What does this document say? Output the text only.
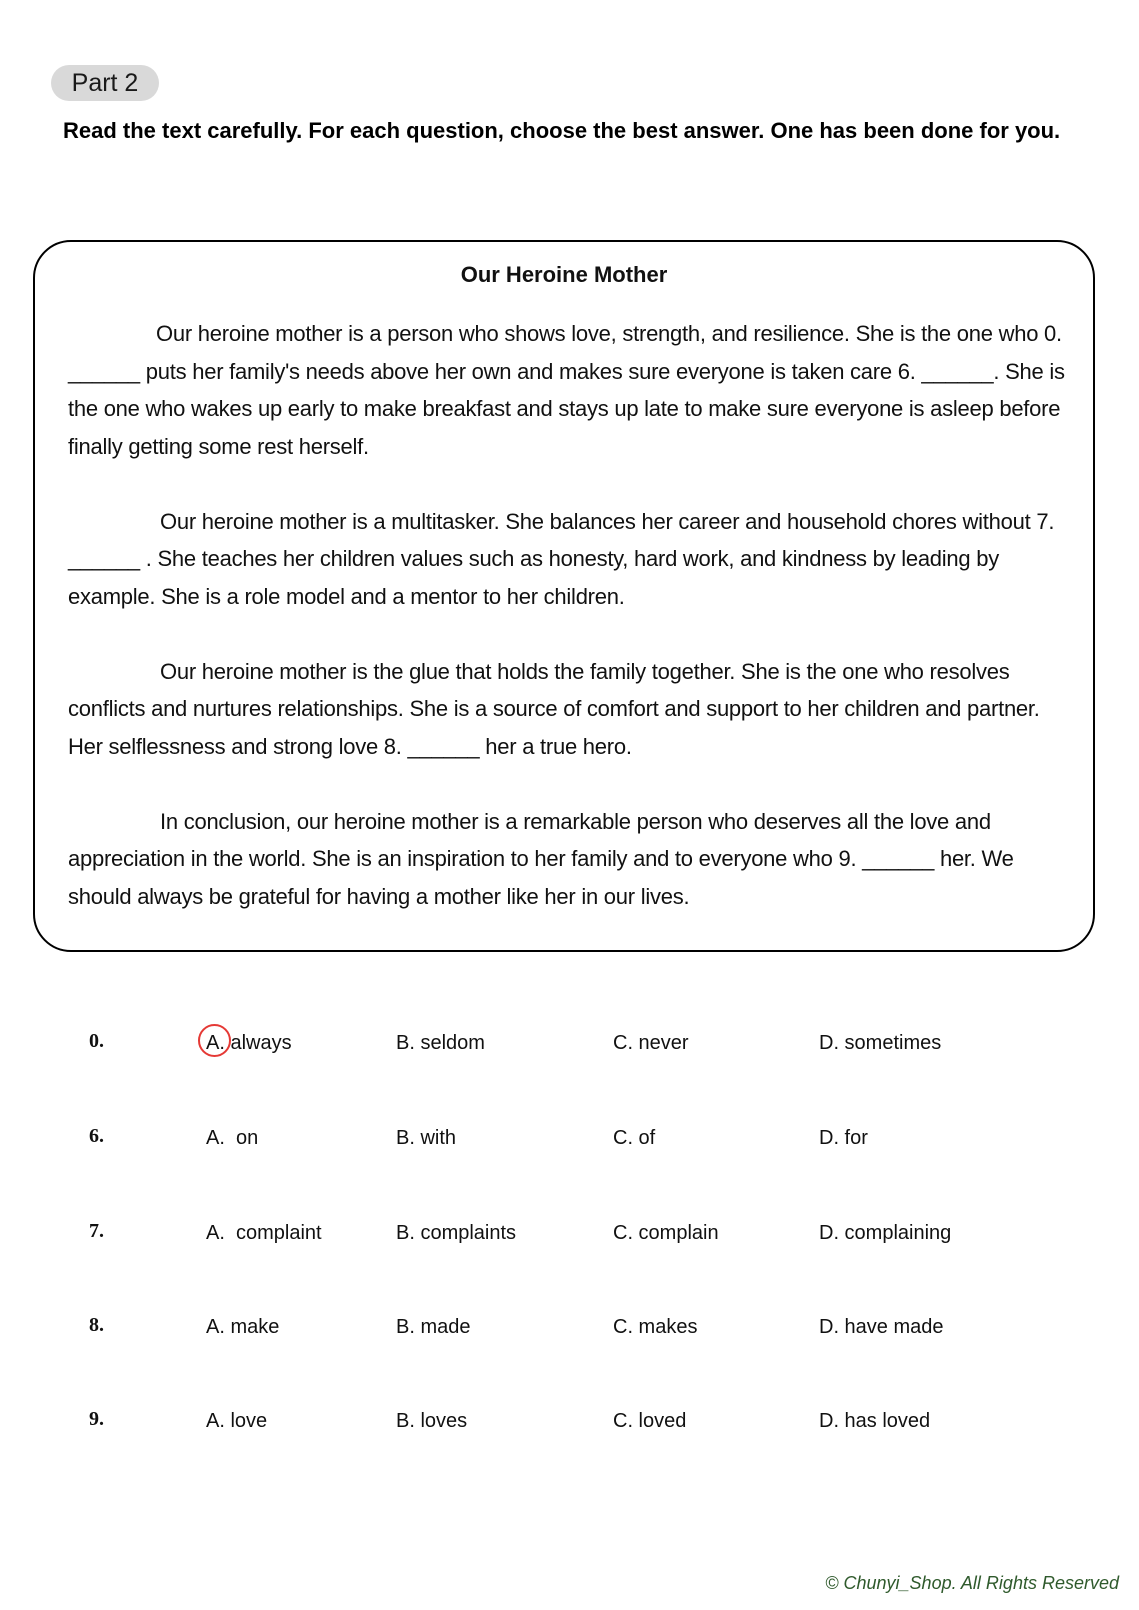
Part 2
Read the text carefully. For each question, choose the best answer. One has been done for you.
Our Heroine Mother

Our heroine mother is a person who shows love, strength, and resilience. She is the one who 0. ______ puts her family's needs above her own and makes sure everyone is taken care 6. ______. She is the one who wakes up early to make breakfast and stays up late to make sure everyone is asleep before finally getting some rest herself.

Our heroine mother is a multitasker. She balances her career and household chores without 7. ______ . She teaches her children values such as honesty, hard work, and kindness by leading by example. She is a role model and a mentor to her children.

Our heroine mother is the glue that holds the family together. She is the one who resolves conflicts and nurtures relationships. She is a source of comfort and support to her children and partner. Her selflessness and strong love 8. ______ her a true hero.

In conclusion, our heroine mother is a remarkable person who deserves all the love and appreciation in the world. She is an inspiration to her family and to everyone who 9. ______ her. We should always be grateful for having a mother like her in our lives.

0.	A. always	B. seldom	C. never	D. sometimes
6.	A.  on	B. with	C. of	D. for
7.	A.  complaint	B. complaints	C. complain	D. complaining
8.	A. make	B. made	C. makes	D. have made
9.	A. love	B. loves	C. loved	D. has loved
© Chunyi_Shop. All Rights Reserved
